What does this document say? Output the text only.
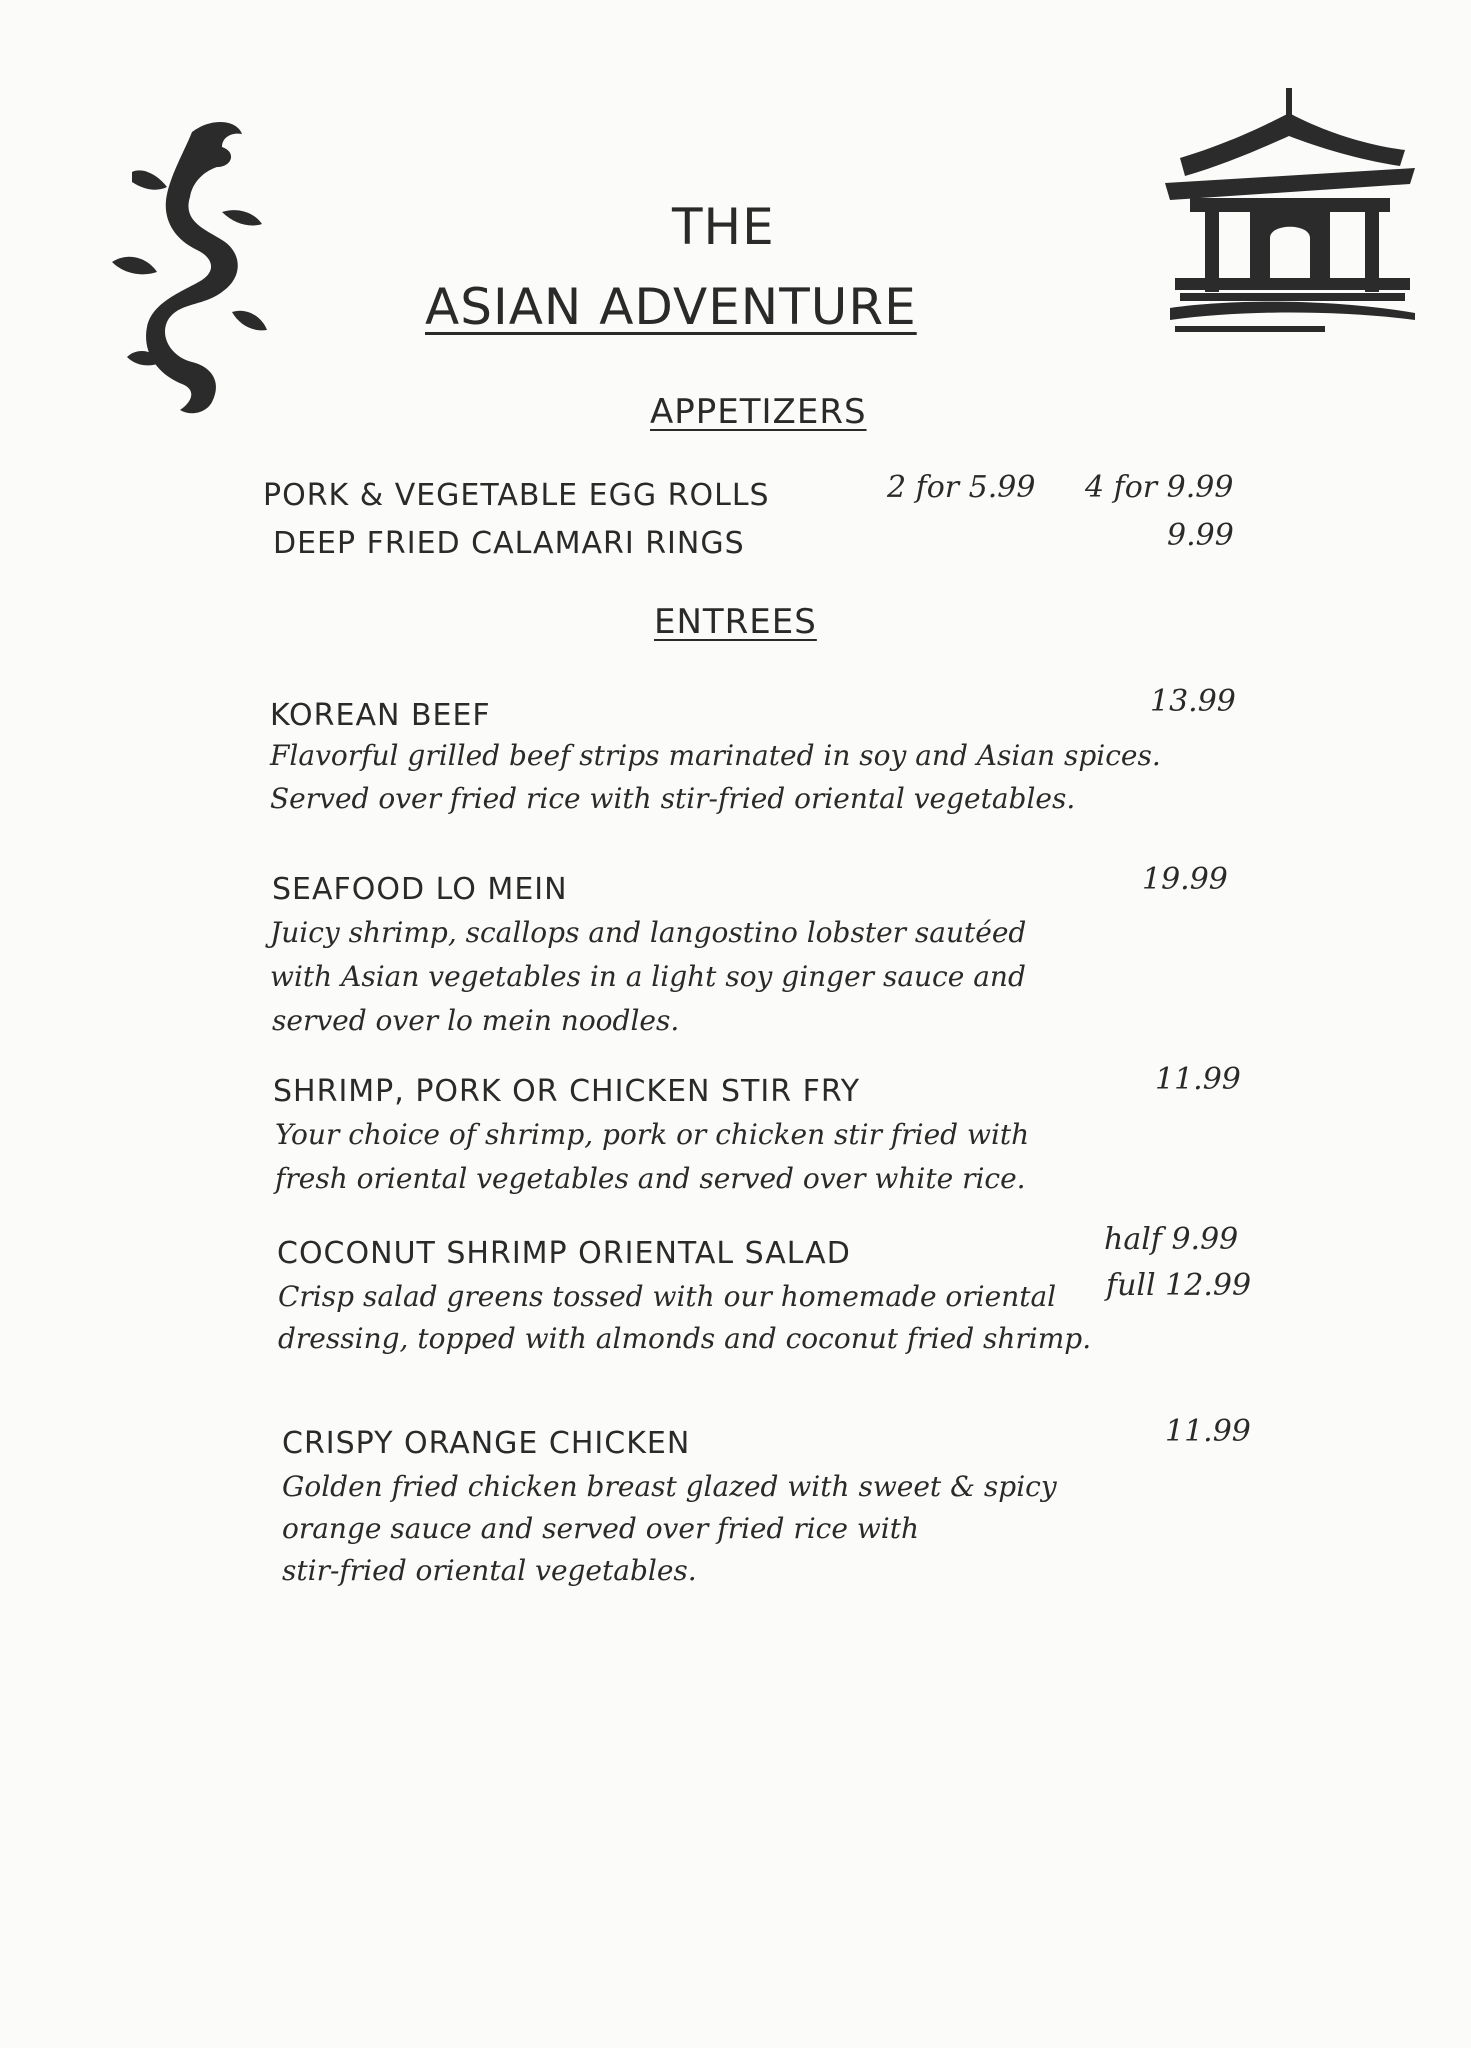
THE
ASIAN ADVENTURE
APPETIZERS
PORK & VEGETABLE EGG ROLLS	2 for 5.99 4 for 9.99
DEEP FRIED CALAMARI RINGS	9.99
ENTREES
KOREAN BEEF	13.99
Flavorful grilled beef strips marinated in soy and Asian spices.
Served over fried rice with stir-fried oriental vegetables.
SEAFOOD LO MEIN	19.99
Juicy shrimp, scallops and langostino lobster sautéed
with Asian vegetables in a light soy ginger sauce and
served over lo mein noodles.
SHRIMP, PORK OR CHICKEN STIR FRY	11.99
Your choice of shrimp, pork or chicken stir fried with
fresh oriental vegetables and served over white rice.
COCONUT SHRIMP ORIENTAL SALAD	half 9.99
full 12.99
Crisp salad greens tossed with our homemade oriental
dressing, topped with almonds and coconut fried shrimp.
CRISPY ORANGE CHICKEN	11.99
Golden fried chicken breast glazed with sweet & spicy
orange sauce and served over fried rice with
stir-fried oriental vegetables.
